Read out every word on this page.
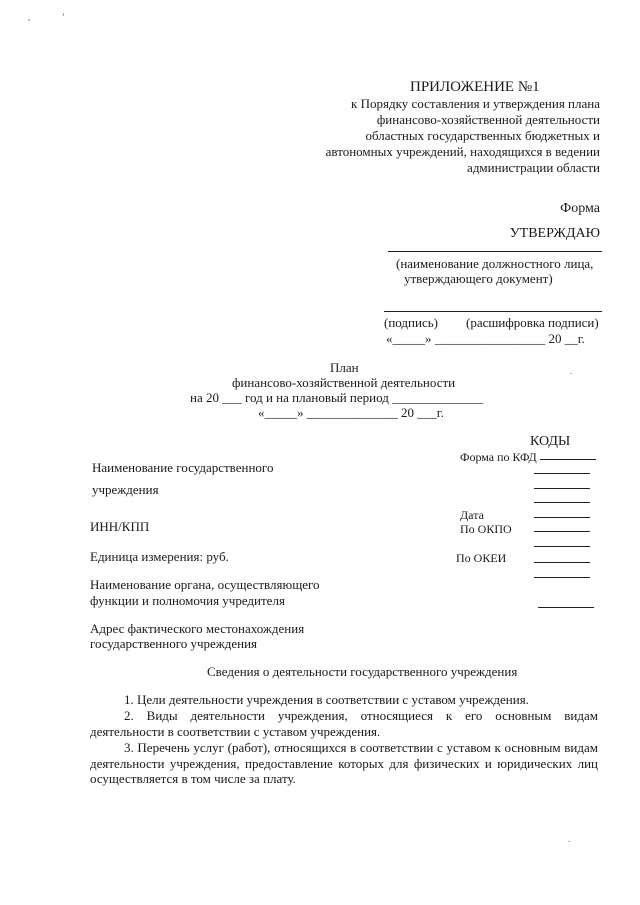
ПРИЛОЖЕНИЕ №1
к Порядку составления и утверждения плана
финансово-хозяйственной деятельности
областных государственных бюджетных и
автономных учреждений, находящихся в ведении
администрации области
Форма
УТВЕРЖДАЮ
(наименование должностного лица,
утверждающего документ)
(подпись) (расшифровка подписи)
«_____» _________________ 20 __г.
План
финансово-хозяйственной деятельности
на 20 ___ год и на плановый период ______________
«_____» ______________ 20 ___г.
КОДЫ
Форма по КФД
Дата
По ОКПО
По ОКЕИ
Наименование государственного
учреждения
ИНН/КПП
Единица измерения: руб.
Наименование органа, осуществляющего
функции и полномочия учредителя
Адрес фактического местонахождения
государственного учреждения
Сведения о деятельности государственного учреждения
1. Цели деятельности учреждения в соответствии с уставом учреждения.
2. Виды деятельности учреждения, относящиеся к его основным видам деятельности в соответствии с уставом учреждения.
3. Перечень услуг (работ), относящихся в соответствии с уставом к основным видам деятельности учреждения, предоставление которых для физических и юридических лиц осуществляется в том числе за плату.
,	’
.
.
